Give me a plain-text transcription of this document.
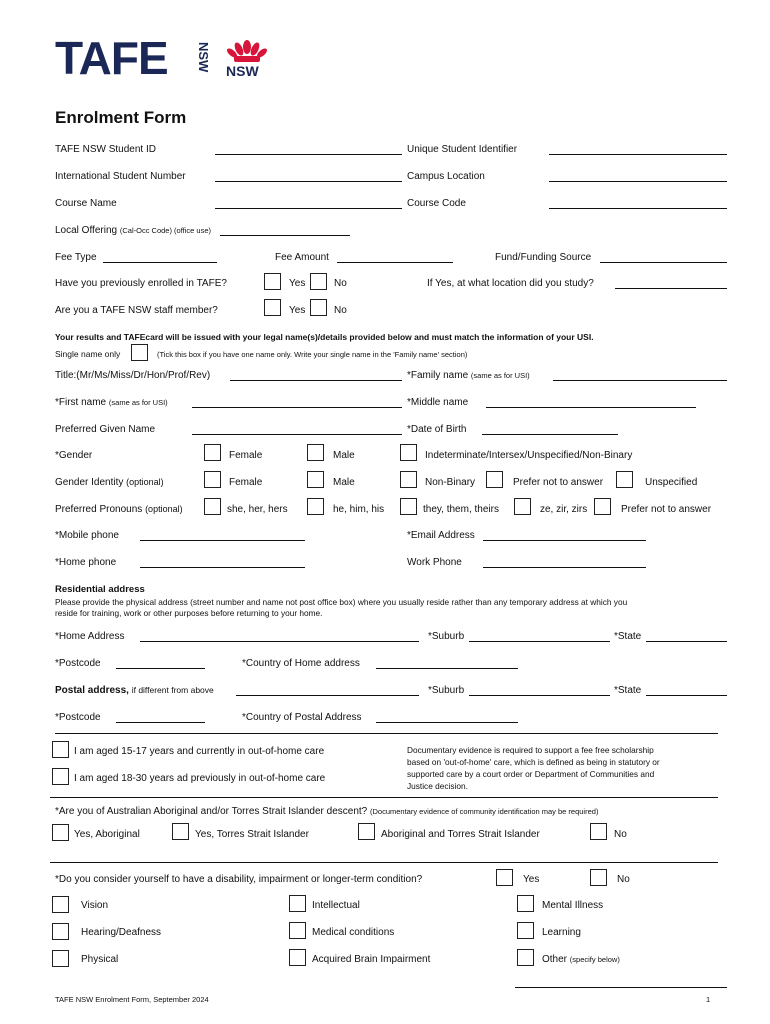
TAFE NSW NSW
Enrolment Form
TAFE NSW Student ID	Unique Student Identifier
International Student Number	Campus Location
Course Name	Course Code
Local Offering (Cal-Occ Code) (office use)
Fee Type	Fee Amount	Fund/Funding Source
Have you previously enrolled in TAFE?	Yes	No	If Yes, at what location did you study?
Are you a TAFE NSW staff member?	Yes	No
Your results and TAFEcard will be issued with your legal name(s)/details provided below and must match the information of your USI.
Single name only	(Tick this box if you have one name only. Write your single name in the 'Family name' section)
Title:(Mr/Ms/Miss/Dr/Hon/Prof/Rev)	*Family name (same as for USI)
*First name (same as for USI)	*Middle name
Preferred Given Name	*Date of Birth
*Gender	Female	Male	Indeterminate/Intersex/Unspecified/Non-Binary
Gender Identity (optional)	Female	Male	Non-Binary	Prefer not to answer	Unspecified
Preferred Pronouns (optional)	she, her, hers	he, him, his	they, them, theirs	ze, zir, zirs	Prefer not to answer
*Mobile phone	*Email Address
*Home phone	Work Phone
Residential address
Please provide the physical address (street number and name not post office box) where you usually reside rather than any temporary address at which you
reside for training, work or other purposes before returning to your home.
*Home Address	*Suburb	*State
*Postcode	*Country of Home address
Postal address, if different from above	*Suburb	*State
*Postcode	*Country of Postal Address
I am aged 15-17 years and currently in out-of-home care
I am aged 18-30 years ad previously in out-of-home care
Documentary evidence is required to support a fee free scholarship
based on 'out-of-home' care, which is defined as being in statutory or
supported care by a court order or Department of Communities and
Justice decision.
*Are you of Australian Aboriginal and/or Torres Strait Islander descent? (Documentary evidence of community identification may be required)
Yes, Aboriginal	Yes, Torres Strait Islander	Aboriginal and Torres Strait Islander	No
*Do you consider yourself to have a disability, impairment or longer-term condition?	Yes	No
Vision	Intellectual	Mental Illness
Hearing/Deafness	Medical conditions	Learning
Physical	Acquired Brain Impairment	Other (specify below)
TAFE NSW Enrolment Form, September 2024	1
